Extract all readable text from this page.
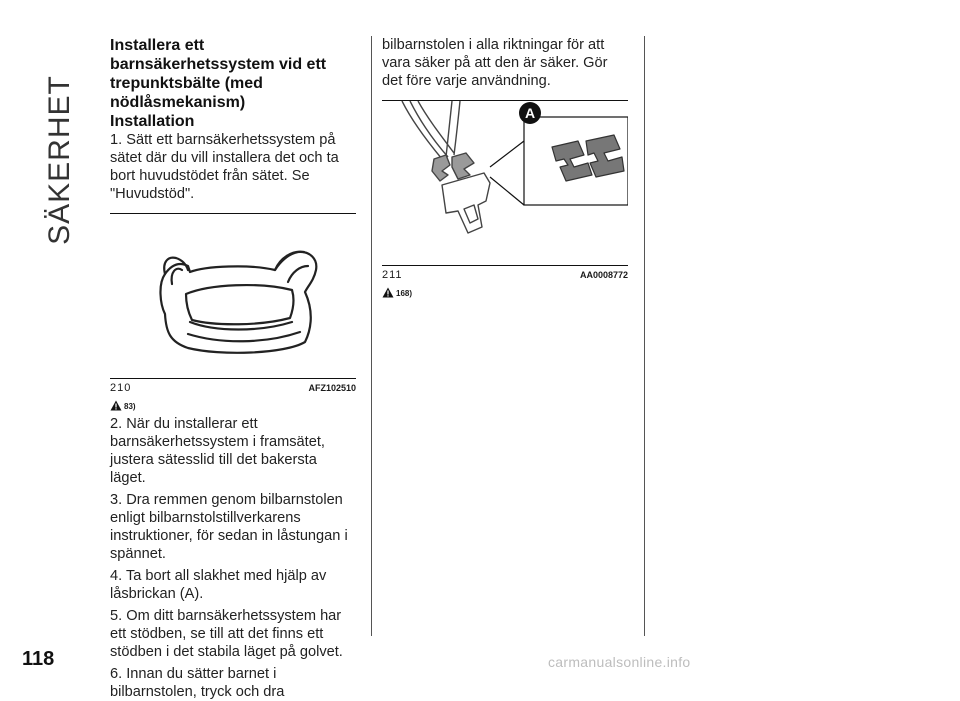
SÄKERHET
Installera ett barnsäkerhetssystem vid ett trepunktsbälte (med nödlåsmekanism)
Installation

1. Sätt ett barnsäkerhetssystem på sätet där du vill installera det och ta bort huvudstödet från sätet. Se "Huvudstöd".

210	AFZ102510
83)

2. När du installerar ett barnsäkerhetssystem i framsätet, justera sätesslid till det bakersta läget.

3. Dra remmen genom bilbarnstolen enligt bilbarnstolstillverkarens instruktioner, för sedan in låstungan i spännet.

4. Ta bort all slakhet med hjälp av låsbrickan (A).

5. Om ditt barnsäkerhetssystem har ett stödben, se till att det finns ett stödben i det stabila läget på golvet.

6. Innan du sätter barnet i bilbarnstolen, tryck och dra

bilbarnstolen i alla riktningar för att vara säker på att den är säker. Gör det före varje användning.

A
211	AA0008772
168)
118	carmanualsonline.info
